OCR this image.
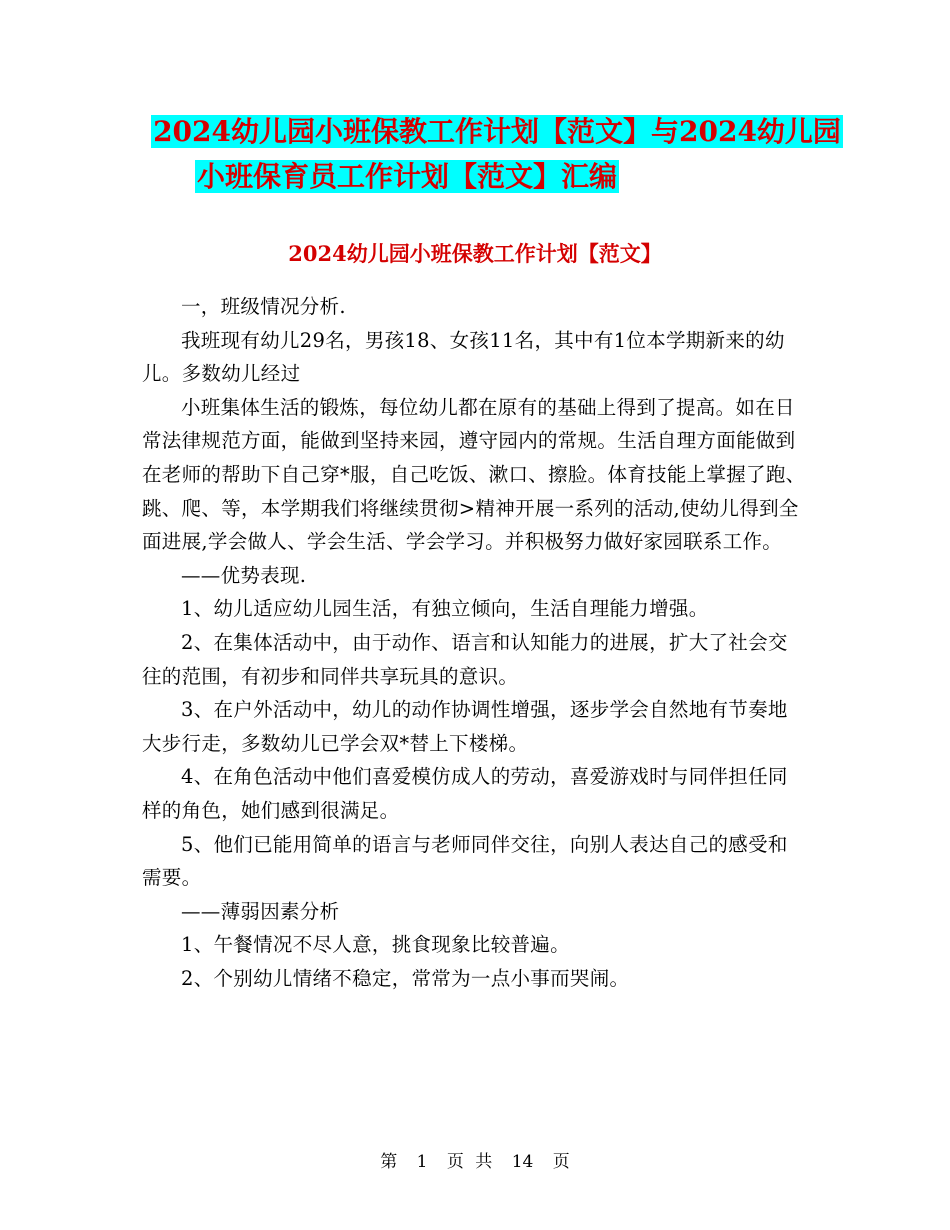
2024幼儿园小班保教工作计划【范文】与2024幼儿园
小班保育员工作计划【范文】汇编
2024幼儿园小班保教工作计划【范文】

一，班级情况分析.

我班现有幼儿29名，男孩18、女孩11名，其中有1位本学期新来的幼儿。多数幼儿经过

小班集体生活的锻炼，每位幼儿都在原有的基础上得到了提高。如在日常法律规范方面，能做到坚持来园，遵守园内的常规。生活自理方面能做到在老师的帮助下自己穿*服，自己吃饭、漱口、擦脸。体育技能上掌握了跑、跳、爬、等，本学期我们将继续贯彻>精神开展一系列的活动,使幼儿得到全面进展,学会做人、学会生活、学会学习。并积极努力做好家园联系工作。

——优势表现.

1、幼儿适应幼儿园生活，有独立倾向，生活自理能力增强。

2、在集体活动中，由于动作、语言和认知能力的进展，扩大了社会交往的范围，有初步和同伴共享玩具的意识。

3、在户外活动中，幼儿的动作协调性增强，逐步学会自然地有节奏地大步行走，多数幼儿已学会双*替上下楼梯。

4、在角色活动中他们喜爱模仿成人的劳动，喜爱游戏时与同伴担任同样的角色，她们感到很满足。

5、他们已能用简单的语言与老师同伴交往，向别人表达自己的感受和需要。

——薄弱因素分析

1、午餐情况不尽人意，挑食现象比较普遍。

2、个别幼儿情绪不稳定，常常为一点小事而哭闹。

第 1 页 共 14 页
